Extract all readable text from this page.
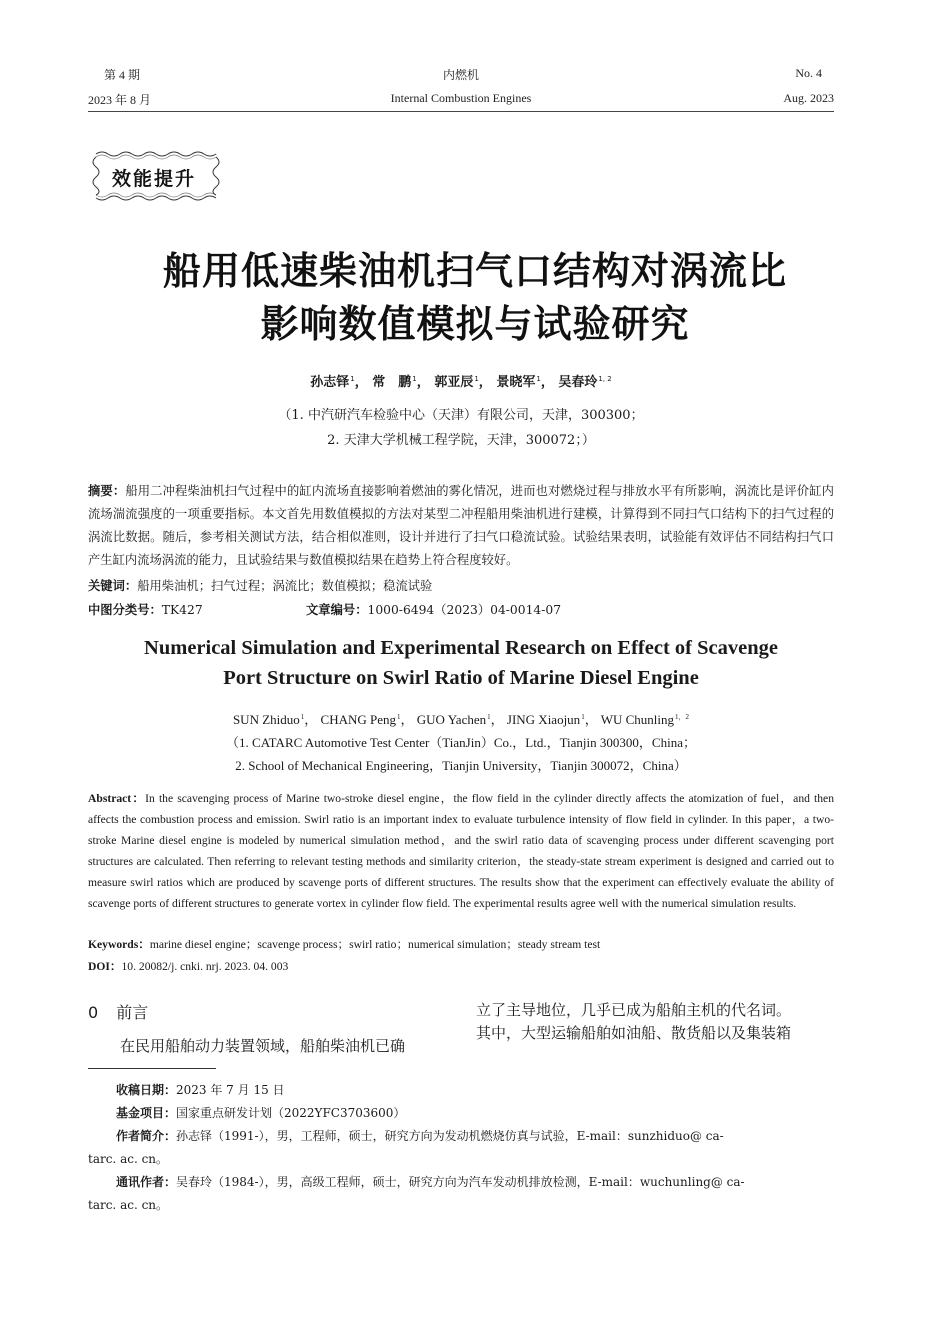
第 4 期	内燃机	No. 4
2023 年 8 月	Internal Combustion Engines	Aug. 2023
效能提升
船用低速柴油机扫气口结构对涡流比
影响数值模拟与试验研究
孙志铎$^1$， 常　鹏$^1$， 郭亚辰$^1$， 景晓军$^1$， 吴春玲$^{1, 2}$
（1. 中汽研汽车检验中心（天津）有限公司，天津，300300；
2. 天津大学机械工程学院，天津，300072；）
摘要：船用二冲程柴油机扫气过程中的缸内流场直接影响着燃油的雾化情况，进而也对燃烧过程与排放水平有所影响，涡流比是评价缸内流场湍流强度的一项重要指标。本文首先用数值模拟的方法对某型二冲程船用柴油机进行建模，计算得到不同扫气口结构下的扫气过程的涡流比数据。随后，参考相关测试方法，结合相似准则，设计并进行了扫气口稳流试验。试验结果表明，试验能有效评估不同结构扫气口产生缸内流场涡流的能力，且试验结果与数值模拟结果在趋势上符合程度较好。
关键词：船用柴油机；扫气过程；涡流比；数值模拟；稳流试验
中图分类号：TK427	文章编号：1000-6494（2023）04-0014-07
Numerical Simulation and Experimental Research on Effect of Scavenge
Port Structure on Swirl Ratio of Marine Diesel Engine
SUN Zhiduo$^1$， CHANG Peng$^1$， GUO Yachen$^1$， JING Xiaojun$^1$， WU Chunling$^{1,2}$
（1. CATARC Automotive Test Center（TianJin）Co.，Ltd.，Tianjin 300300，China；
2. School of Mechanical Engineering，Tianjin University，Tianjin 300072，China）
Abstract：In the scavenging process of Marine two-stroke diesel engine，the flow field in the cylinder directly affects the atomization of fuel，and then affects the combustion process and emission. Swirl ratio is an important index to evaluate turbulence intensity of flow field in cylinder. In this paper，a two-stroke Marine diesel engine is modeled by numerical simulation method，and the swirl ratio data of scavenging process under different scavenging port structures are calculated. Then referring to relevant testing methods and similarity criterion，the steady-state stream experiment is designed and carried out to measure swirl ratios which are produced by scavenge ports of different structures. The results show that the experiment can effectively evaluate the ability of scavenge ports of different structures to generate vortex in cylinder flow field. The experimental results agree well with the numerical simulation results.
Keywords：marine diesel engine；scavenge process；swirl ratio；numerical simulation；steady stream test
DOI：10. 20082/j. cnki. nrj. 2023. 04. 003
0 前言
在民用船舶动力装置领域，船舶柴油机已确
立了主导地位，几乎已成为船舶主机的代名词。
其中，大型运输船舶如油船、散货船以及集装箱
收稿日期：2023 年 7 月 15 日
基金项目：国家重点研发计划（2022YFC3703600）
作者简介：孙志铎（1991-），男，工程师，硕士，研究方向为发动机燃烧仿真与试验，E-mail：sunzhiduo@ ca-
tarc. ac. cn。
通讯作者：吴春玲（1984-），男，高级工程师，硕士，研究方向为汽车发动机排放检测，E-mail：wuchunling@ ca-
tarc. ac. cn。
